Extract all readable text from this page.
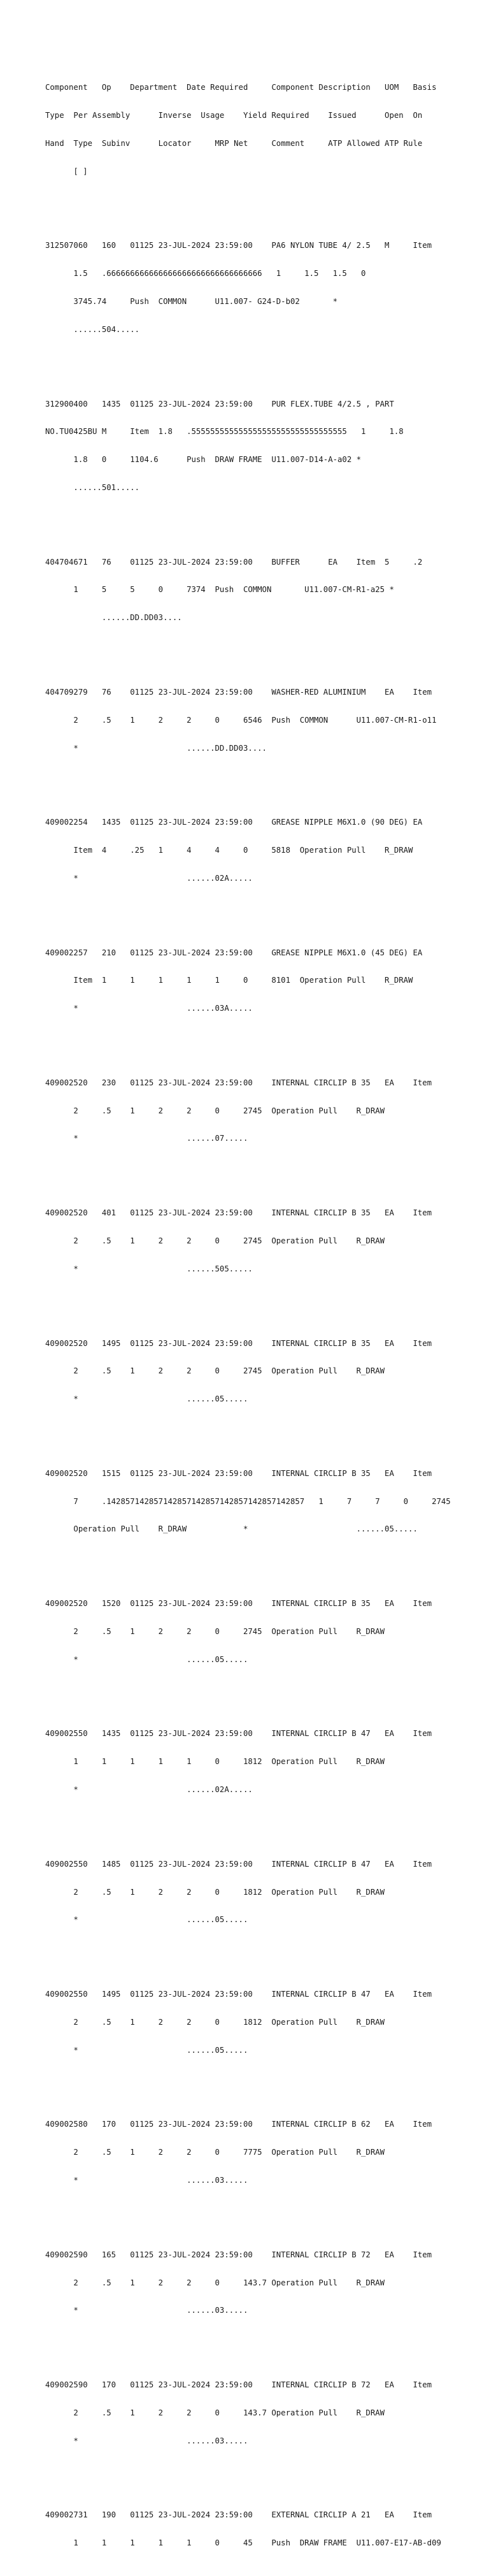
Component   Op    Department  Date Required     Component Description   UOM   Basis

Type  Per Assembly      Inverse  Usage    Yield Required    Issued      Open  On

Hand  Type  Subinv      Locator     MRP Net     Comment     ATP Allowed ATP Rule

[ ]

312507060   160   01125 23-JUL-2024 23:59:00    PA6 NYLON TUBE 4/ 2.5   M     Item

1.5   .666666666666666666666666666666666   1     1.5   1.5   0

3745.74     Push  COMMON      U11.007- G24-D-b02       *

......504.....

312900400   1435  01125 23-JUL-2024 23:59:00    PUR FLEX.TUBE 4/2.5 , PART

NO.TU0425BU M     Item  1.8   .555555555555555555555555555555555   1     1.8

1.8   0     1104.6      Push  DRAW FRAME  U11.007-D14-A-a02 *

......501.....

404704671   76    01125 23-JUL-2024 23:59:00    BUFFER      EA    Item  5     .2

1     5     5     0     7374  Push  COMMON       U11.007-CM-R1-a25 *

......DD.DD03....

404709279   76    01125 23-JUL-2024 23:59:00    WASHER-RED ALUMINIUM    EA    Item

2     .5    1     2     2     0     6546  Push  COMMON      U11.007-CM-R1-o11

*                       ......DD.DD03....

409002254   1435  01125 23-JUL-2024 23:59:00    GREASE NIPPLE M6X1.0 (90 DEG) EA

Item  4     .25   1     4     4     0     5818  Operation Pull    R_DRAW

*                       ......02A.....

409002257   210   01125 23-JUL-2024 23:59:00    GREASE NIPPLE M6X1.0 (45 DEG) EA

Item  1     1     1     1     1     0     8101  Operation Pull    R_DRAW

*                       ......03A.....

409002520   230   01125 23-JUL-2024 23:59:00    INTERNAL CIRCLIP B 35   EA    Item

2     .5    1     2     2     0     2745  Operation Pull    R_DRAW

*                       ......07.....

409002520   401   01125 23-JUL-2024 23:59:00    INTERNAL CIRCLIP B 35   EA    Item

2     .5    1     2     2     0     2745  Operation Pull    R_DRAW

*                       ......505.....

409002520   1495  01125 23-JUL-2024 23:59:00    INTERNAL CIRCLIP B 35   EA    Item

2     .5    1     2     2     0     2745  Operation Pull    R_DRAW

*                       ......05.....

409002520   1515  01125 23-JUL-2024 23:59:00    INTERNAL CIRCLIP B 35   EA    Item

7     .142857142857142857142857142857142857142857   1     7     7     0     2745

Operation Pull    R_DRAW            *                       ......05.....

409002520   1520  01125 23-JUL-2024 23:59:00    INTERNAL CIRCLIP B 35   EA    Item

2     .5    1     2     2     0     2745  Operation Pull    R_DRAW

*                       ......05.....

409002550   1435  01125 23-JUL-2024 23:59:00    INTERNAL CIRCLIP B 47   EA    Item

1     1     1     1     1     0     1812  Operation Pull    R_DRAW

*                       ......02A.....

409002550   1485  01125 23-JUL-2024 23:59:00    INTERNAL CIRCLIP B 47   EA    Item

2     .5    1     2     2     0     1812  Operation Pull    R_DRAW

*                       ......05.....

409002550   1495  01125 23-JUL-2024 23:59:00    INTERNAL CIRCLIP B 47   EA    Item

2     .5    1     2     2     0     1812  Operation Pull    R_DRAW

*                       ......05.....

409002580   170   01125 23-JUL-2024 23:59:00    INTERNAL CIRCLIP B 62   EA    Item

2     .5    1     2     2     0     7775  Operation Pull    R_DRAW

*                       ......03.....

409002590   165   01125 23-JUL-2024 23:59:00    INTERNAL CIRCLIP B 72   EA    Item

2     .5    1     2     2     0     143.7 Operation Pull    R_DRAW

*                       ......03.....

409002590   170   01125 23-JUL-2024 23:59:00    INTERNAL CIRCLIP B 72   EA    Item

2     .5    1     2     2     0     143.7 Operation Pull    R_DRAW

*                       ......03.....

409002731   190   01125 23-JUL-2024 23:59:00    EXTERNAL CIRCLIP A 21   EA    Item

1     1     1     1     1     0     45    Push  DRAW FRAME  U11.007-E17-AB-d09
